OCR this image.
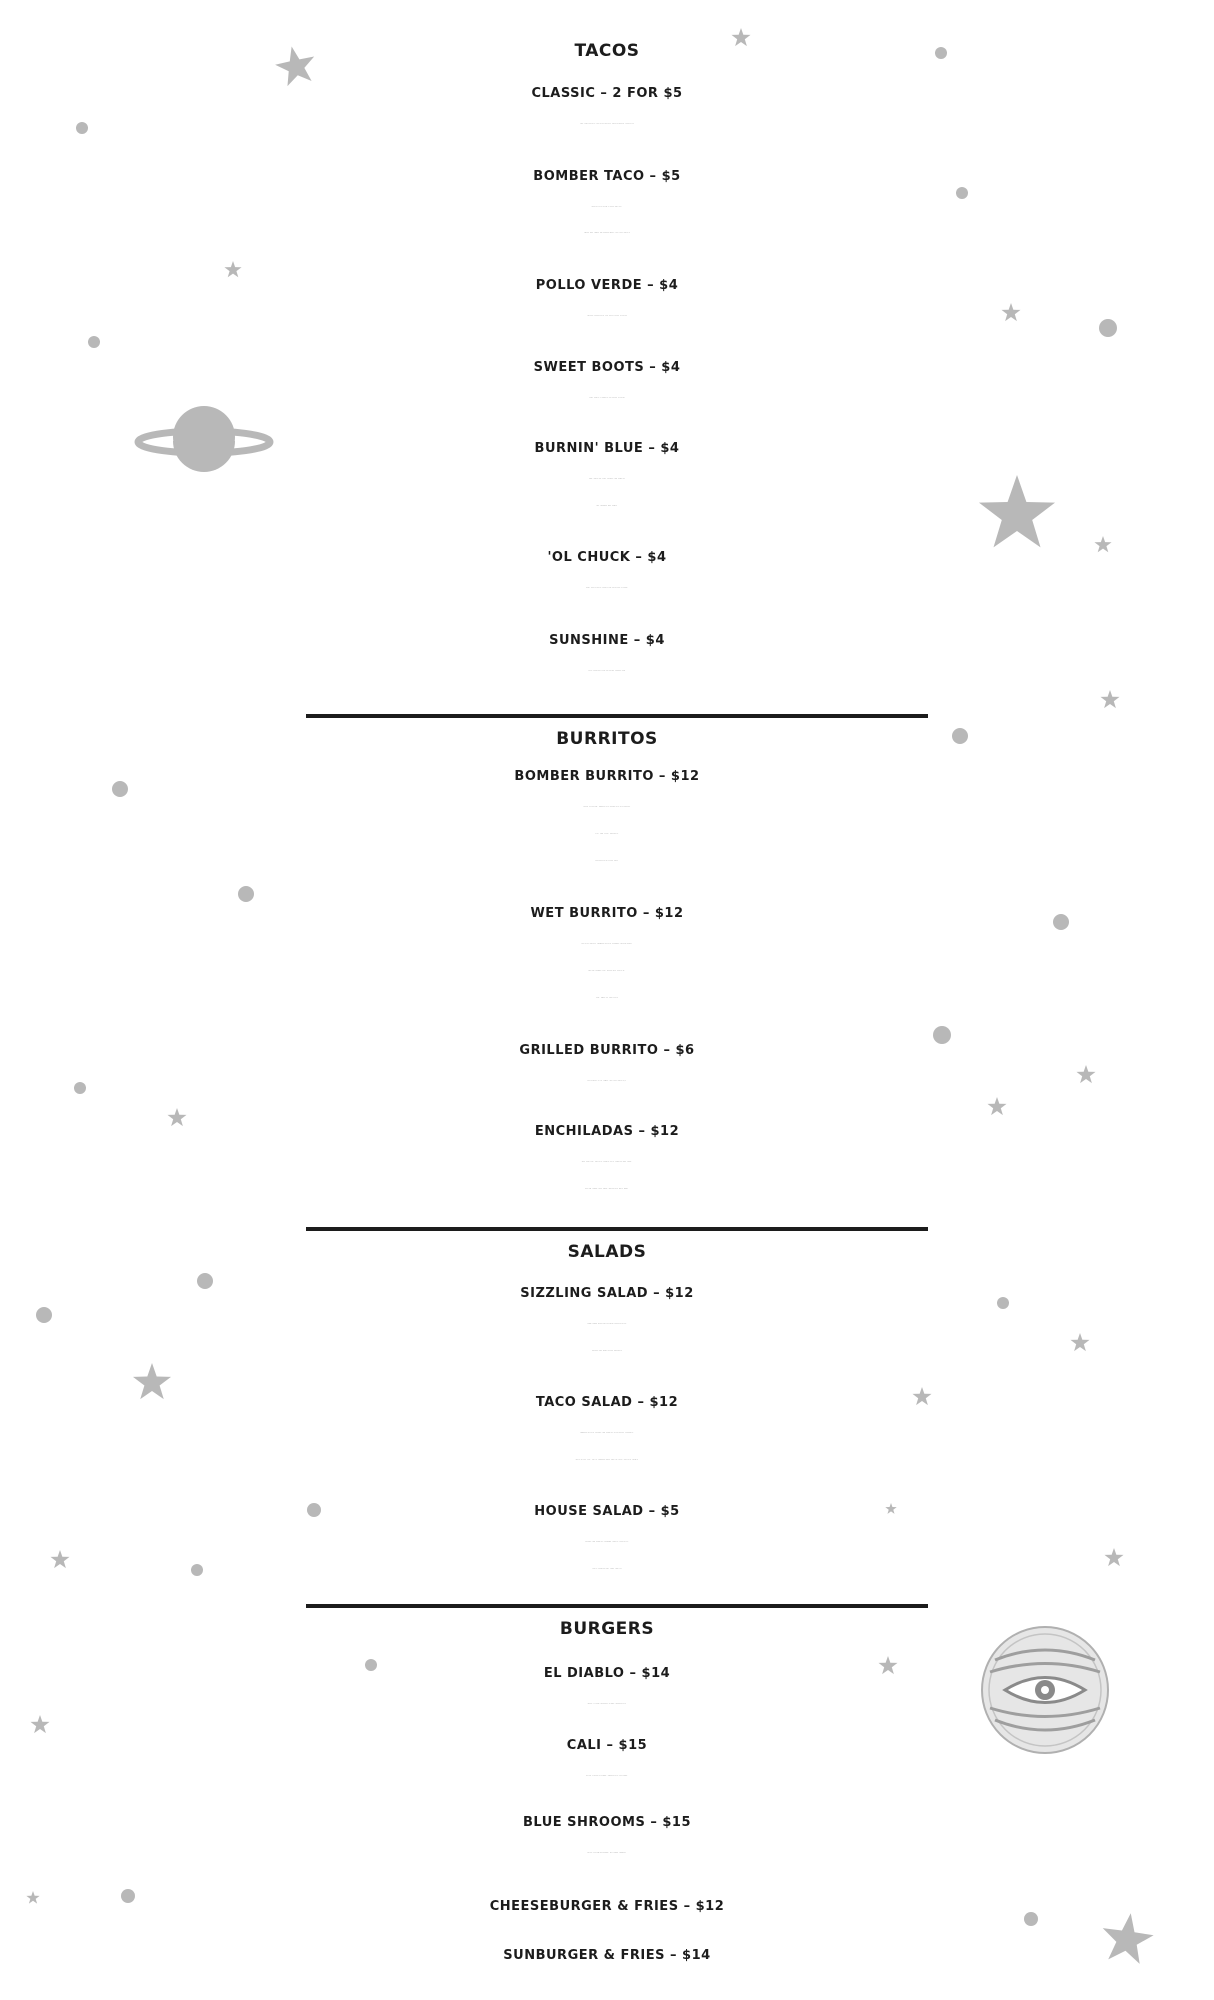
TACOS
CLASSIC – 2 FOR $5
BOMBER TACO – $5
POLLO VERDE – $4
SWEET BOOTS – $4
BURNIN' BLUE – $4
'OL CHUCK – $4
SUNSHINE – $4
BURRITOS
BOMBER BURRITO – $12
WET BURRITO – $12
GRILLED BURRITO – $6
ENCHILADAS – $12
SALADS
SIZZLING SALAD – $12
TACO SALAD – $12
HOUSE SALAD – $5
BURGERS
EL DIABLO – $14
CALI – $15
BLUE SHROOMS – $15
CHEESEBURGER & FRIES – $12
SUNBURGER & FRIES – $14
